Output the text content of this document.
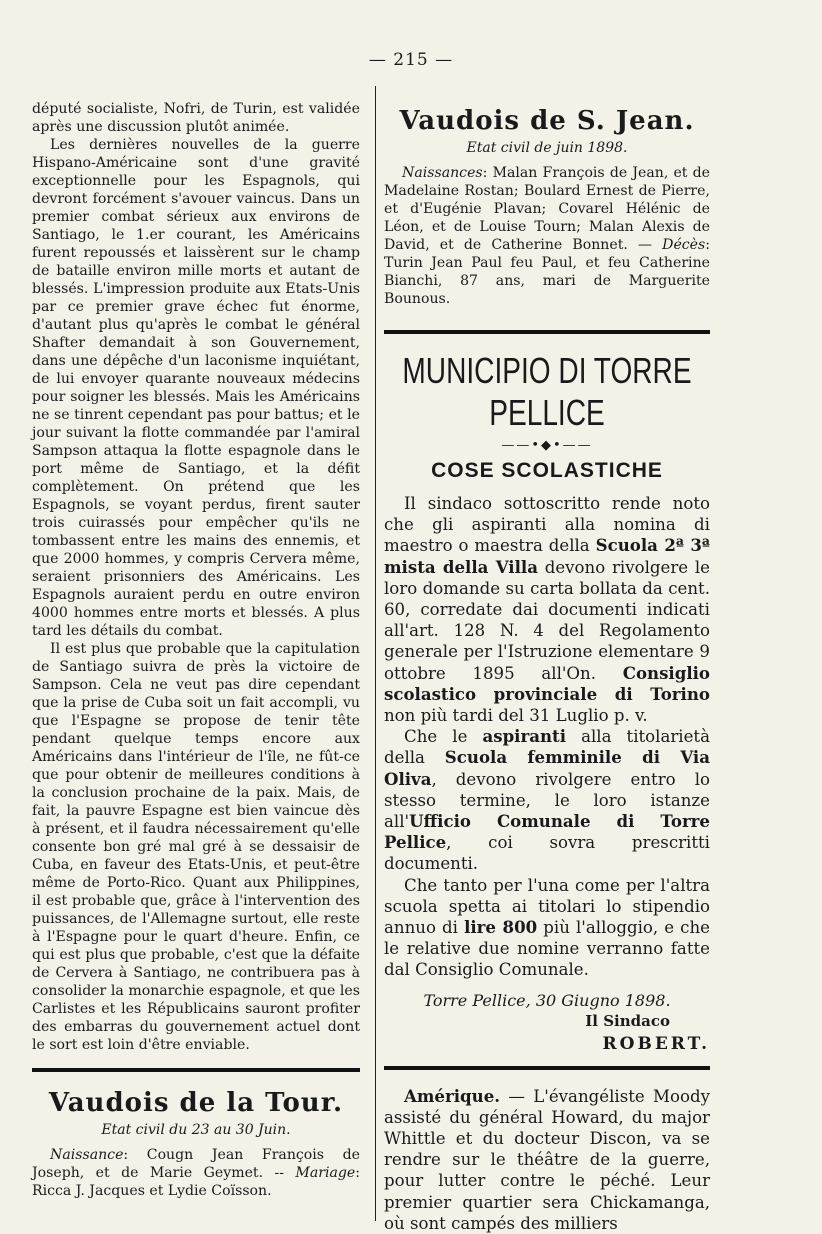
— 215 —

député socialiste, Nofri, de Turin, est validée après une discussion plutôt animée.

Les dernières nouvelles de la guerre Hispano-Américaine sont d'une gravité exceptionnelle pour les Espagnols, qui devront forcément s'avouer vaincus. Dans un premier combat sérieux aux environs de Santiago, le 1.er courant, les Américains furent repoussés et laissèrent sur le champ de bataille environ mille morts et autant de blessés. L'impression produite aux Etats-Unis par ce premier grave échec fut énorme, d'autant plus qu'après le combat le général Shafter demandait à son Gouvernement, dans une dépêche d'un laconisme inquiétant, de lui envoyer quarante nouveaux médecins pour soigner les blessés. Mais les Américains ne se tinrent cependant pas pour battus; et le jour suivant la flotte commandée par l'amiral Sampson attaqua la flotte espagnole dans le port même de Santiago, et la défit complètement. On prétend que les Espagnols, se voyant perdus, firent sauter trois cuirassés pour empêcher qu'ils ne tombassent entre les mains des ennemis, et que 2000 hommes, y compris Cervera même, seraient prisonniers des Américains. Les Espagnols auraient perdu en outre environ 4000 hommes entre morts et blessés. A plus tard les détails du combat.

Il est plus que probable que la capitulation de Santiago suivra de près la victoire de Sampson. Cela ne veut pas dire cependant que la prise de Cuba soit un fait accompli, vu que l'Espagne se propose de tenir tête pendant quelque temps encore aux Américains dans l'intérieur de l'île, ne fût-ce que pour obtenir de meilleures conditions à la conclusion prochaine de la paix. Mais, de fait, la pauvre Espagne est bien vaincue dès à présent, et il faudra nécessairement qu'elle consente bon gré mal gré à se dessaisir de Cuba, en faveur des Etats-Unis, et peut-être même de Porto-Rico. Quant aux Philippines, il est probable que, grâce à l'intervention des puissances, de l'Allemagne surtout, elle reste à l'Espagne pour le quart d'heure. Enfin, ce qui est plus que probable, c'est que la défaite de Cervera à Santiago, ne contribuera pas à consolider la monarchie espagnole, et que les Carlistes et les Républicains sauront profiter des embarras du gouvernement actuel dont le sort est loin d'être enviable.

Vaudois de la Tour.

Etat civil du 23 au 30 Juin.

Naissance: Cougn Jean François de Joseph, et de Marie Geymet. -- Mariage: Ricca J. Jacques et Lydie Coïsson.

Vaudois de S. Jean.

Etat civil de juin 1898.

Naissances: Malan François de Jean, et de Madelaine Rostan; Boulard Ernest de Pierre, et d'Eugénie Plavan; Covarel Hélénic de Léon, et de Louise Tourn; Malan Alexis de David, et de Catherine Bonnet. — Décès: Turin Jean Paul feu Paul, et feu Catherine Bianchi, 87 ans, mari de Marguerite Bounous.

MUNICIPIO DI TORRE PELLICE
——•◆•——
COSE SCOLASTICHE

Il sindaco sottoscritto rende noto che gli aspiranti alla nomina di maestro o maestra della Scuola 2ª 3ª mista della Villa devono rivolgere le loro domande su carta bollata da cent. 60, corredate dai documenti indicati all'art. 128 N. 4 del Regolamento generale per l'Istruzione elementare 9 ottobre 1895 all'On. Consiglio scolastico provinciale di Torino non più tardi del 31 Luglio p. v.

Che le aspiranti alla titolarietà della Scuola femminile di Via Oliva, devono rivolgere entro lo stesso termine, le loro istanze all'Ufficio Comunale di Torre Pellice, coi sovra prescritti documenti.

Che tanto per l'una come per l'altra scuola spetta ai titolari lo stipendio annuo di lire 800 più l'alloggio, e che le relative due nomine verranno fatte dal Consiglio Comunale.

Torre Pellice, 30 Giugno 1898.
Il Sindaco
ROBERT.

Amérique. — L'évangéliste Moody assisté du général Howard, du major Whittle et du docteur Discon, va se rendre sur le théâtre de la guerre, pour lutter contre le péché. Leur premier quartier sera Chickamanga, où sont campés des milliers
